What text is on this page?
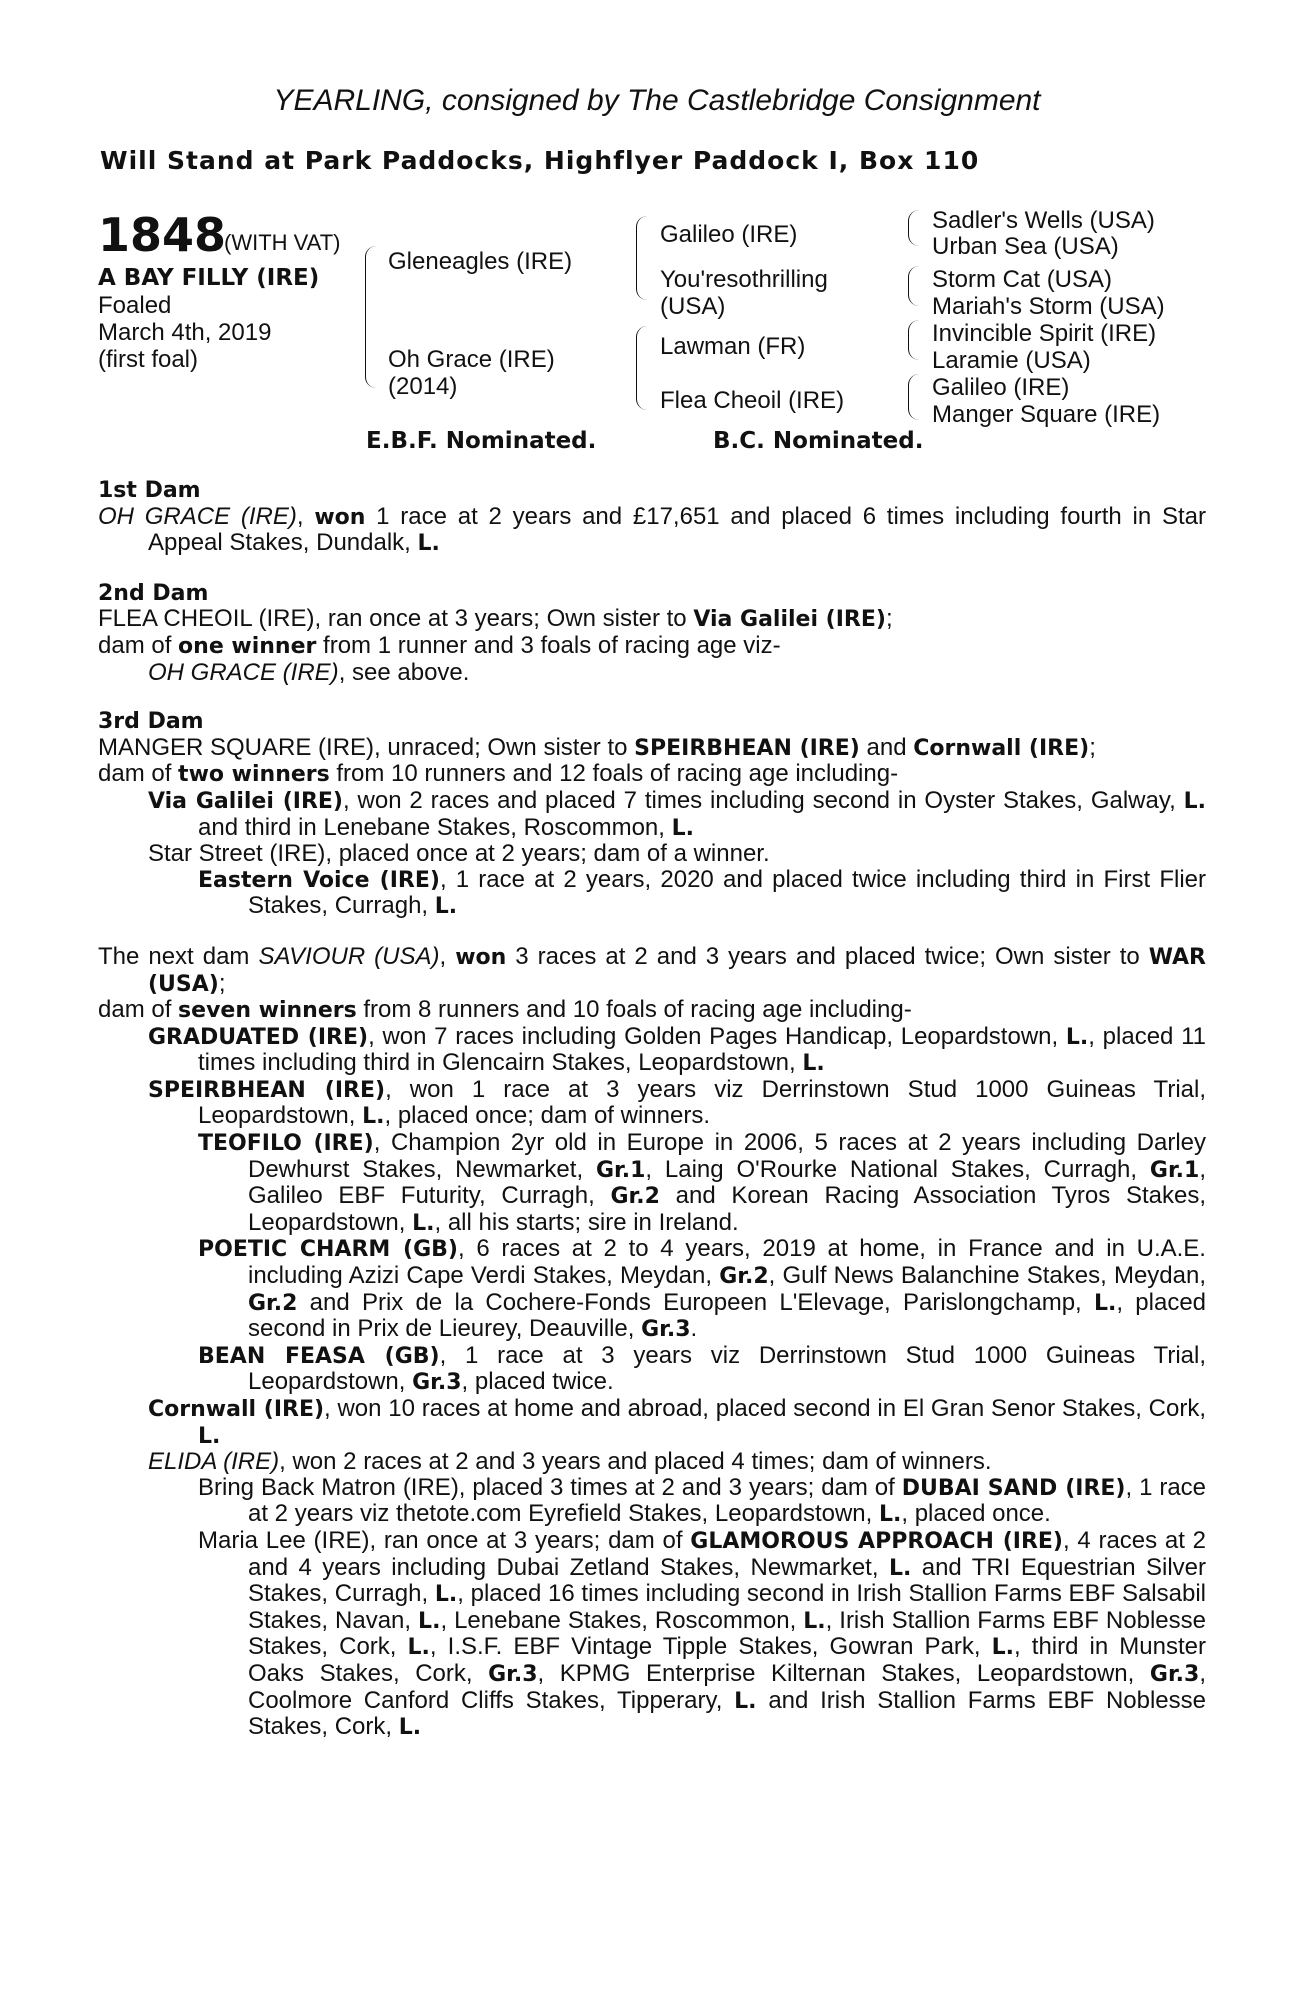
YEARLING, consigned by The Castlebridge Consignment
Will Stand at Park Paddocks, Highflyer Paddock I, Box 110
1848
(WITH VAT)
A BAY FILLY (IRE)
Foaled
March 4th, 2019
(first foal)
Gleneagles (IRE)
Oh Grace (IRE)
(2014)
Galileo (IRE)
You'resothrilling
(USA)
Lawman (FR)
Flea Cheoil (IRE)
Sadler's Wells (USA)
Urban Sea (USA)
Storm Cat (USA)
Mariah's Storm (USA)
Invincible Spirit (IRE)
Laramie (USA)
Galileo (IRE)
Manger Square (IRE)
E.B.F. Nominated.	B.C. Nominated.
1st Dam

OH GRACE (IRE), won 1 race at 2 years and £17,651 and placed 6 times including fourth in Star Appeal Stakes, Dundalk, L.

2nd Dam

FLEA CHEOIL (IRE), ran once at 3 years; Own sister to Via Galilei (IRE);

dam of one winner from 1 runner and 3 foals of racing age viz-

OH GRACE (IRE), see above.

3rd Dam

MANGER SQUARE (IRE), unraced; Own sister to SPEIRBHEAN (IRE) and Cornwall (IRE);

dam of two winners from 10 runners and 12 foals of racing age including-

Via Galilei (IRE), won 2 races and placed 7 times including second in Oyster Stakes, Galway, L. and third in Lenebane Stakes, Roscommon, L.

Star Street (IRE), placed once at 2 years; dam of a winner.

Eastern Voice (IRE), 1 race at 2 years, 2020 and placed twice including third in First Flier Stakes, Curragh, L.

The next dam SAVIOUR (USA), won 3 races at 2 and 3 years and placed twice; Own sister to WAR (USA);

dam of seven winners from 8 runners and 10 foals of racing age including-

GRADUATED (IRE), won 7 races including Golden Pages Handicap, Leopardstown, L., placed 11 times including third in Glencairn Stakes, Leopardstown, L.

SPEIRBHEAN (IRE), won 1 race at 3 years viz Derrinstown Stud 1000 Guineas Trial, Leopardstown, L., placed once; dam of winners.

TEOFILO (IRE), Champion 2yr old in Europe in 2006, 5 races at 2 years including Darley Dewhurst Stakes, Newmarket, Gr.1, Laing O'Rourke National Stakes, Curragh, Gr.1, Galileo EBF Futurity, Curragh, Gr.2 and Korean Racing Association Tyros Stakes, Leopardstown, L., all his starts; sire in Ireland.

POETIC CHARM (GB), 6 races at 2 to 4 years, 2019 at home, in France and in U.A.E. including Azizi Cape Verdi Stakes, Meydan, Gr.2, Gulf News Balanchine Stakes, Meydan, Gr.2 and Prix de la Cochere-Fonds Europeen L'Elevage, Parislongchamp, L., placed second in Prix de Lieurey, Deauville, Gr.3.

BEAN FEASA (GB), 1 race at 3 years viz Derrinstown Stud 1000 Guineas Trial, Leopardstown, Gr.3, placed twice.

Cornwall (IRE), won 10 races at home and abroad, placed second in El Gran Senor Stakes, Cork, L.

ELIDA (IRE), won 2 races at 2 and 3 years and placed 4 times; dam of winners.

Bring Back Matron (IRE), placed 3 times at 2 and 3 years; dam of DUBAI SAND (IRE), 1 race at 2 years viz thetote.com Eyrefield Stakes, Leopardstown, L., placed once.

Maria Lee (IRE), ran once at 3 years; dam of GLAMOROUS APPROACH (IRE), 4 races at 2 and 4 years including Dubai Zetland Stakes, Newmarket, L. and TRI Equestrian Silver Stakes, Curragh, L., placed 16 times including second in Irish Stallion Farms EBF Salsabil Stakes, Navan, L., Lenebane Stakes, Roscommon, L., Irish Stallion Farms EBF Noblesse Stakes, Cork, L., I.S.F. EBF Vintage Tipple Stakes, Gowran Park, L., third in Munster Oaks Stakes, Cork, Gr.3, KPMG Enterprise Kilternan Stakes, Leopardstown, Gr.3, Coolmore Canford Cliffs Stakes, Tipperary, L. and Irish Stallion Farms EBF Noblesse Stakes, Cork, L.
